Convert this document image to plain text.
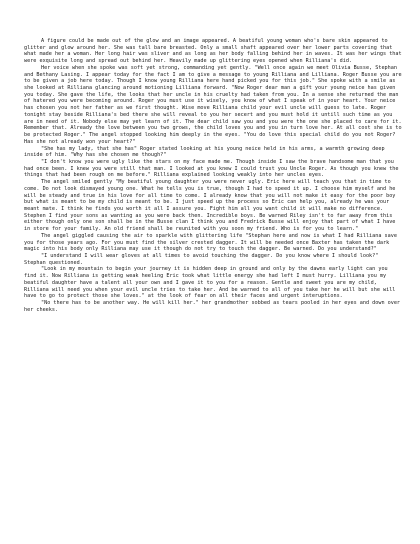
A figure could be made out of the glow and an image appeared. A beatiful young woman who's bare skin appeared to glitter and glow around her. She was tall bare breasted. Only a small shaft appeared over her lower parts covering that what made her a woman. Her long hair was sliver and as long as her body falling behind her in waves. It was her wings that were exquisite long and spread out behind her. Heavily made up glittering eyes opened when Rilliana's did.

Her voice when she spoke was soft yet strong, commanding yet gently. "Well once again we meet Olivia Busse, Stephan and Bethany Lasing. I appear today for the fact I am to give a message to young Rilliana and Lilliana. Roger Busse you are to be given a job here today. Though I know young Rilliana here hand picked you for this job." She spoke with a smile as she looked at Rilliana glancing around motioning Lilliana forward. "Now Roger dear man a gift your young neice has given you today. She gave the life, the looks that her uncle in his cruelty had taken from you. In a sense she returned the man of hatered you were becoming around. Roger you must use it wisely, you know of what I speak of in your heart. Your neice has chosen you not her father as we first thought. Wise move Rilliana child your evil uncle will guess to late. Roger tonight stay beside Rilliana's bed there she will reveal to you her secert and you must hold it untill such time as you are in need of it. Nobody else may yet learn of it. The dear child saw you and you were the one she placed to care for it. Remember that. Already the love between you two grows, the child loves you and you in turn love her. At all cost she is to be protected Roger." The angel stopped looking him deeply in the eyes. "You do love this special child do you not Roger? Has she not already won your heart?"

"She has my lady, that she has" Roger stated looking at his young neice held in his arms, a warmth growing deep inside of him. "Why has she chosen me though?"

"I don't know you were ugly like the stars on my face made me. Though inside I saw the brave handsome man that you had once been. I knew you were still that man. I looked at you knew I could trust you Uncle Roger. As though you knew the things that had been rough on me before." Rilliana explained looking weakly into her uncles eyes.

The angel smiled gently "My beatiful young daughter you were never ugly. Eric here will teach you that in time to come. Do not look dismayed young one. What he tells you is true, though I had to speed it up. I choose him myself and he will be steady and true in his love for all time to come. I already know that you will not make it easy for the poor boy but what is meant to be my child is meant to be. I just speed up the process so Eric can help you, already he was your meant mate. I think he finds you worth it all I assure you. Fight him all you want child it will make no difference. Stephen I find your sons as wanting as you were back then. Incredible boys. Be warned Riley isn't to far away from this either though only one son shall be in the Busse clan I think you and Fredrick Busse will enjoy that part of what I have in store for your family. An old friend shall be reunited with you soon my friend. Who is for you to learn."

The angel giggled causing the air to sparkle with glittering life "Stephan here and now is what I had Rilliana save you for those years ago. For you must find the silver crested dagger. It will be needed once Baxter has taken the dark magic into his body only Rilliana may use it though do not try to touch the dagger. Be warned. Do you understand?"

"I understand I will wear gloves at all times to avoid touching the dagger. Do you know where I should look?" Stephan questioned.

"Look in my mountain to begin your journey it is hidden deep in ground and only by the dawns early light can you find it. Now Rilliana is getting weak heeling Eric took what little energy she had left I must hurry. Lilliana you my beatiful daughter have a talent all your own and I gave it to you for a reason. Gentle and sweet you are my child, Rilliana will need you when your evil uncle tries to take her. And be warned to all of you take her he will but she will have to go to protect those she loves." at the look of fear on all their faces and urgent interuptions.

"No there has to be another way. He will kill her." her grandmother sobbed as tears pooled in her eyes and down over her cheeks.
